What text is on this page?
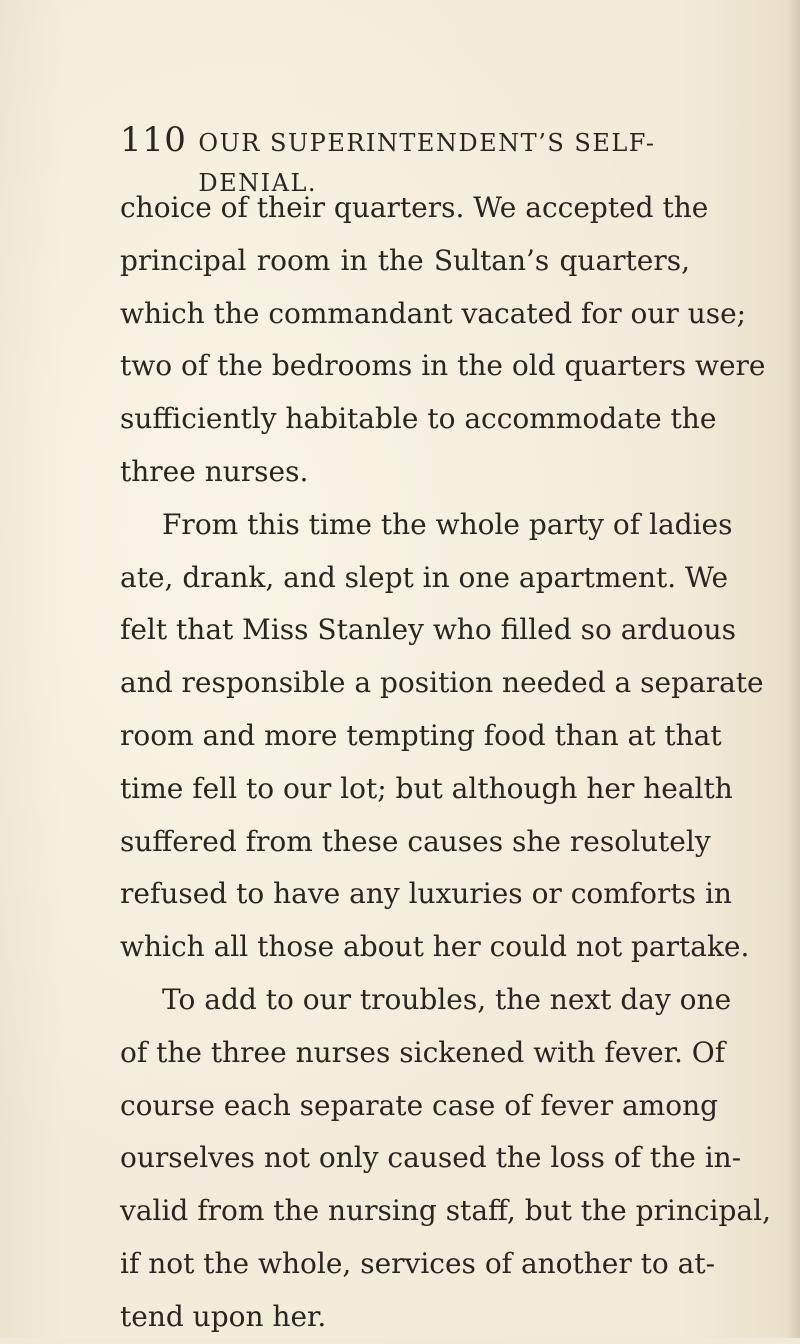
110 OUR SUPERINTENDENT’S SELF-DENIAL.
choice of their quarters. We accepted the
principal room in the Sultan’s quarters,
which the commandant vacated for our use;
two of the bedrooms in the old quarters were
sufficiently habitable to accommodate the
three nurses.
From this time the whole party of ladies
ate, drank, and slept in one apartment. We
felt that Miss Stanley who filled so arduous
and responsible a position needed a separate
room and more tempting food than at that
time fell to our lot; but although her health
suffered from these causes she resolutely
refused to have any luxuries or comforts in
which all those about her could not partake.
To add to our troubles, the next day one
of the three nurses sickened with fever. Of
course each separate case of fever among
ourselves not only caused the loss of the in-
valid from the nursing staff, but the principal,
if not the whole, services of another to at-
tend upon her.
